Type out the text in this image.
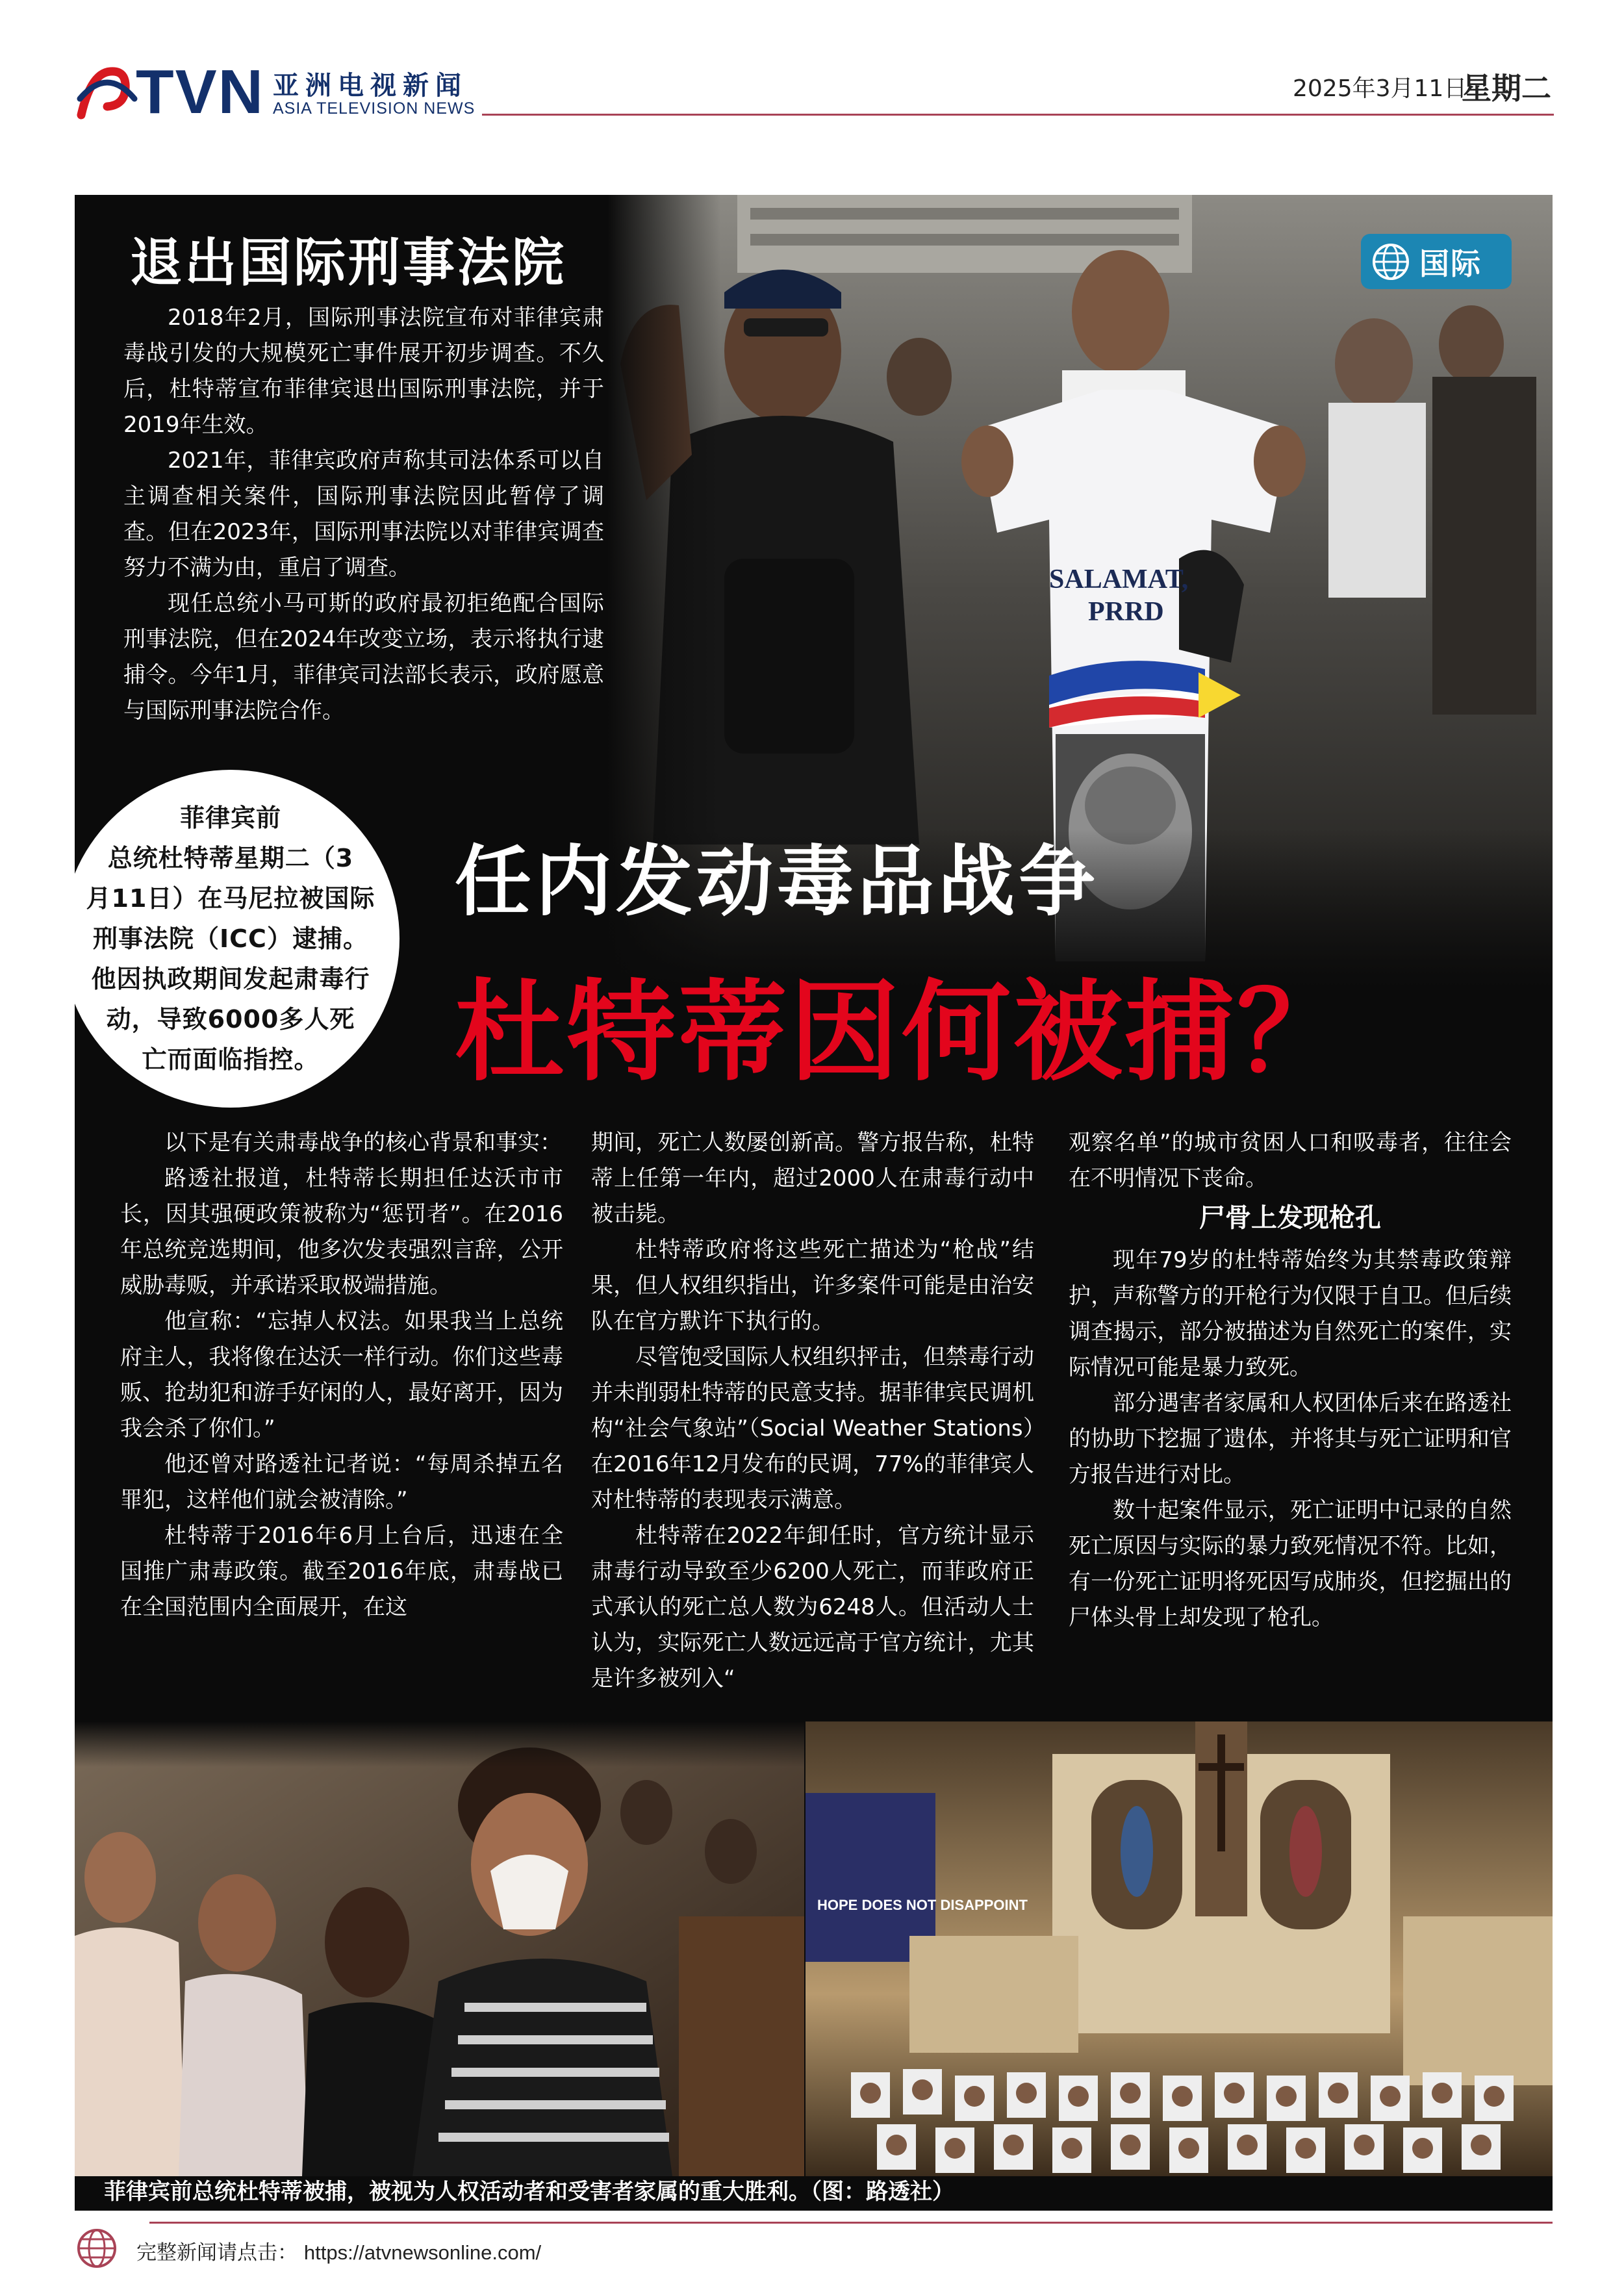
TVN 亚洲电视新闻
ASIA TELEVISION NEWS
2025年3月11日
星期二
国际
退出国际刑事法院

2018年2月，国际刑事法院宣布对菲律宾肃毒战引发的大规模死亡事件展开初步调查。不久后，杜特蒂宣布菲律宾退出国际刑事法院，并于2019年生效。

2021年，菲律宾政府声称其司法体系可以自主调查相关案件，国际刑事法院因此暂停了调查。但在2023年，国际刑事法院以对菲律宾调查努力不满为由，重启了调查。

现任总统小马可斯的政府最初拒绝配合国际刑事法院，但在2024年改变立场，表示将执行逮捕令。今年1月，菲律宾司法部长表示，政府愿意与国际刑事法院合作。

菲律宾前
总统杜特蒂星期二（3
月11日）在马尼拉被国际
刑事法院（ICC）逮捕。
他因执政期间发起肃毒行
动，导致6000多人死
亡而面临指控。
任内发动毒品战争
杜特蒂因何被捕？

以下是有关肃毒战争的核心背景和事实：

路透社报道，杜特蒂长期担任达沃市市长，因其强硬政策被称为“惩罚者”。在2016年总统竞选期间，他多次发表强烈言辞，公开威胁毒贩，并承诺采取极端措施。

他宣称：“忘掉人权法。如果我当上总统府主人，我将像在达沃一样行动。你们这些毒贩、抢劫犯和游手好闲的人，最好离开，因为我会杀了你们。”

他还曾对路透社记者说：“每周杀掉五名罪犯，这样他们就会被清除。”

杜特蒂于2016年6月上台后，迅速在全国推广肃毒政策。截至2016年底，肃毒战已在全国范围内全面展开，在这

期间，死亡人数屡创新高。警方报告称，杜特蒂上任第一年内，超过2000人在肃毒行动中被击毙。

杜特蒂政府将这些死亡描述为“枪战”结果，但人权组织指出，许多案件可能是由治安队在官方默许下执行的。

尽管饱受国际人权组织抨击，但禁毒行动并未削弱杜特蒂的民意支持。据菲律宾民调机构“社会气象站”（Social Weather Stations）在2016年12月发布的民调，77%的菲律宾人对杜特蒂的表现表示满意。

杜特蒂在2022年卸任时，官方统计显示肃毒行动导致至少6200人死亡，而菲政府正式承认的死亡总人数为6248人。但活动人士认为，实际死亡人数远远高于官方统计，尤其是许多被列入“

观察名单”的城市贫困人口和吸毒者，往往会在不明情况下丧命。

尸骨上发现枪孔

现年79岁的杜特蒂始终为其禁毒政策辩护，声称警方的开枪行为仅限于自卫。但后续调查揭示，部分被描述为自然死亡的案件，实际情况可能是暴力致死。

部分遇害者家属和人权团体后来在路透社的协助下挖掘了遗体，并将其与死亡证明和官方报告进行对比。

数十起案件显示，死亡证明中记录的自然死亡原因与实际的暴力致死情况不符。比如，有一份死亡证明将死因写成肺炎，但挖掘出的尸体头骨上却发现了枪孔。

HOPE DOES NOT DISAPPOINT
菲律宾前总统杜特蒂被捕，被视为人权活动者和受害者家属的重大胜利。（图：路透社）
完整新闻请点击： https://atvnewsonline.com/
